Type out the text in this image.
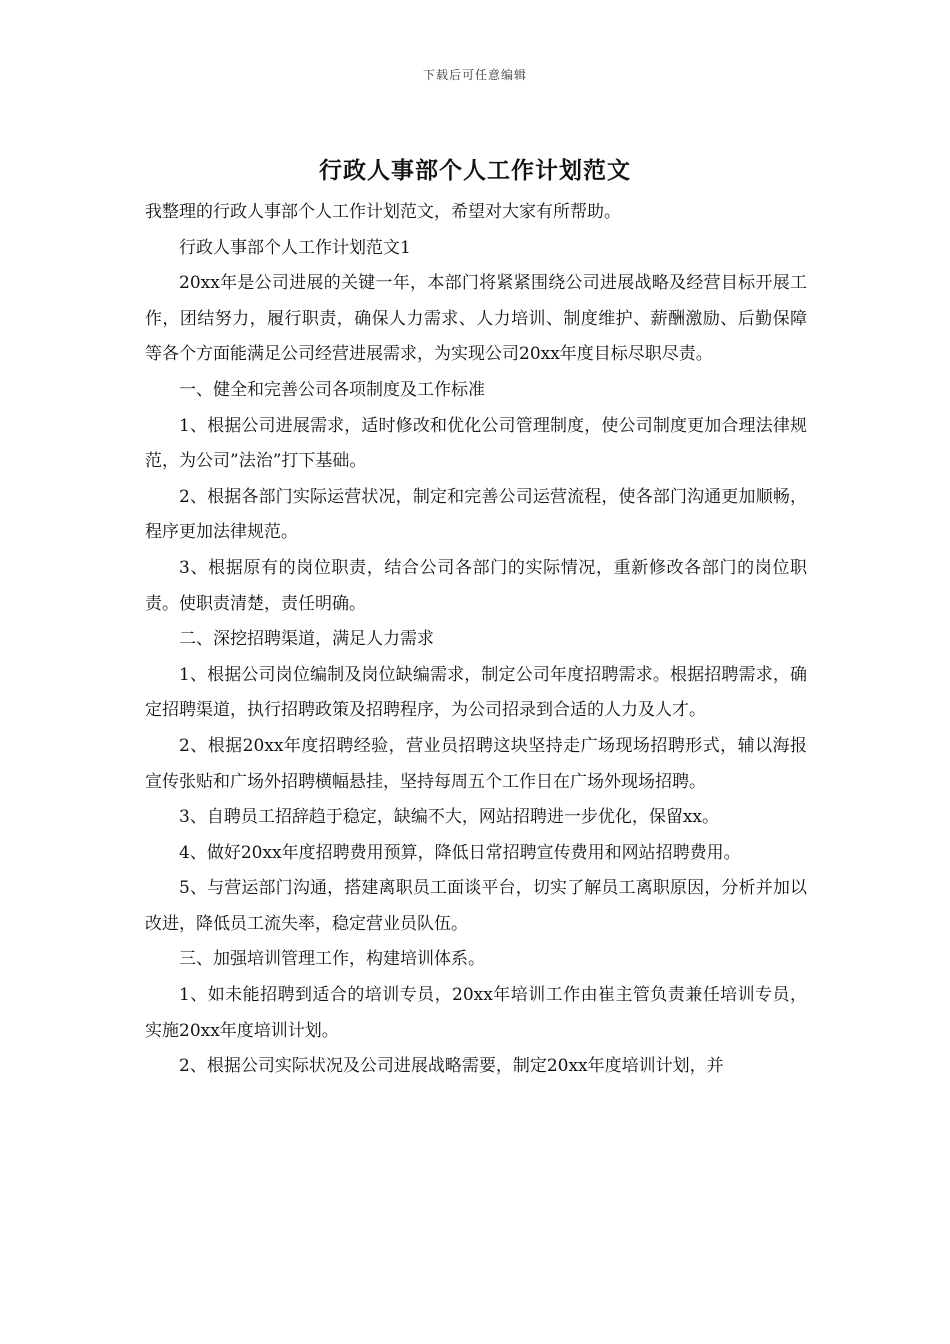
下载后可任意编辑
行政人事部个人工作计划范文

我整理的行政人事部个人工作计划范文，希望对大家有所帮助。

行政人事部个人工作计划范文1

20xx年是公司进展的关键一年，本部门将紧紧围绕公司进展战略及经营目标开展工作，团结努力，履行职责，确保人力需求、人力培训、制度维护、薪酬激励、后勤保障等各个方面能满足公司经营进展需求，为实现公司20xx年度目标尽职尽责。

一、健全和完善公司各项制度及工作标准

1、根据公司进展需求，适时修改和优化公司管理制度，使公司制度更加合理法律规范，为公司”法治”打下基础。

2、根据各部门实际运营状况，制定和完善公司运营流程，使各部门沟通更加顺畅，程序更加法律规范。

3、根据原有的岗位职责，结合公司各部门的实际情况，重新修改各部门的岗位职责。使职责清楚，责任明确。

二、深挖招聘渠道，满足人力需求

1、根据公司岗位编制及岗位缺编需求，制定公司年度招聘需求。根据招聘需求，确定招聘渠道，执行招聘政策及招聘程序，为公司招录到合适的人力及人才。

2、根据20xx年度招聘经验，营业员招聘这块坚持走广场现场招聘形式，辅以海报宣传张贴和广场外招聘横幅悬挂，坚持每周五个工作日在广场外现场招聘。

3、自聘员工招辞趋于稳定，缺编不大，网站招聘进一步优化，保留xx。

4、做好20xx年度招聘费用预算，降低日常招聘宣传费用和网站招聘费用。

5、与营运部门沟通，搭建离职员工面谈平台，切实了解员工离职原因，分析并加以改进，降低员工流失率，稳定营业员队伍。

三、加强培训管理工作，构建培训体系。

1、如未能招聘到适合的培训专员，20xx年培训工作由崔主管负责兼任培训专员，实施20xx年度培训计划。

2、根据公司实际状况及公司进展战略需要，制定20xx年度培训计划，并
